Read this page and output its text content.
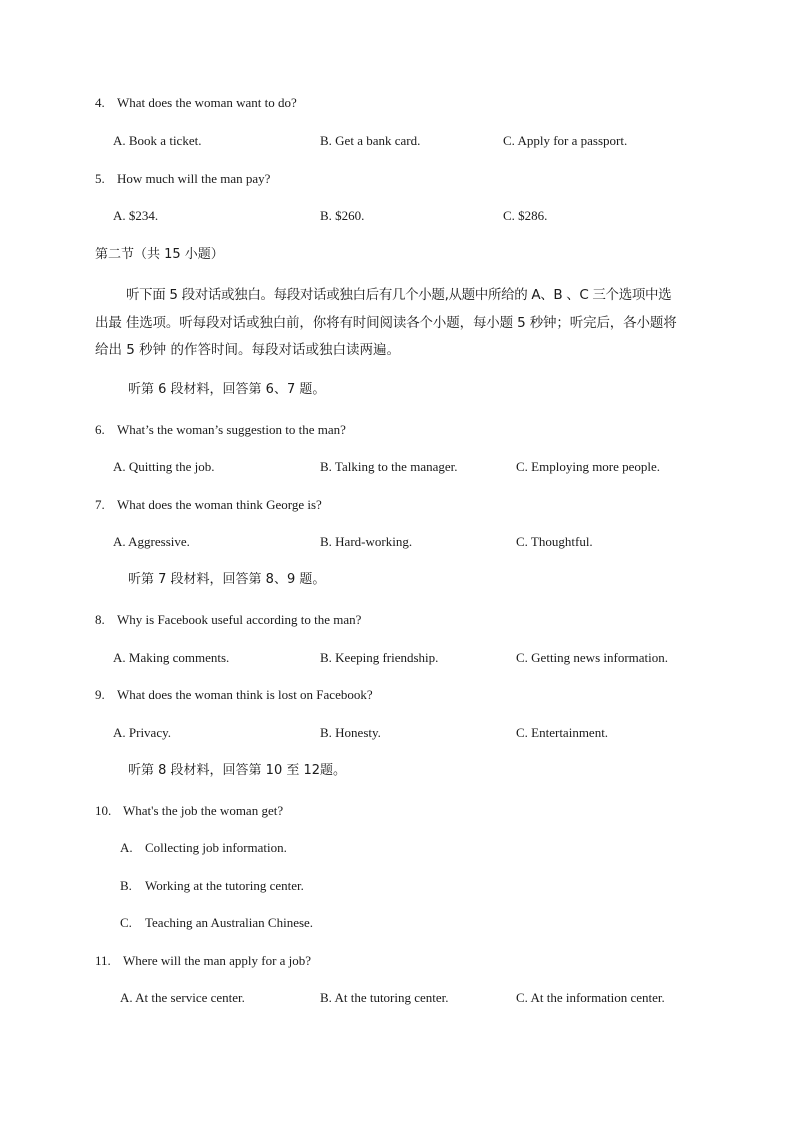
4. What does the woman want to do?
A. Book a ticket.	B. Get a bank card.	C. Apply for a passport.
5. How much will the man pay?
A. $234.	B. $260.	C. $286.
第二节（共 15 小题）
听下面 5 段对话或独白。每段对话或独白后有几个小题,从题中所给的 A、B 、C 三个选项中选
出最 佳选项。听每段对话或独白前，你将有时间阅读各个小题，每小题 5 秒钟；听完后，各小题将
给出 5 秒钟 的作答时间。每段对话或独白读两遍。
听第 6 段材料，回答第 6、7 题。
6. What’s the woman’s suggestion to the man?
A. Quitting the job.	B. Talking to the manager.	C. Employing more people.
7. What does the woman think George is?
A. Aggressive.	B. Hard-working.	C. Thoughtful.
听第 7 段材料，回答第 8、9 题。
8. Why is Facebook useful according to the man?
A. Making comments.	B. Keeping friendship.	C. Getting news information.
9. What does the woman think is lost on Facebook?
A. Privacy.	B. Honesty.	C. Entertainment.
听第 8 段材料，回答第 10 至 12题。
10. What's the job the woman get?
A. Collecting job information.
B. Working at the tutoring center.
C. Teaching an Australian Chinese.
11. Where will the man apply for a job?
A. At the service center.	B. At the tutoring center.	C. At the information center.
